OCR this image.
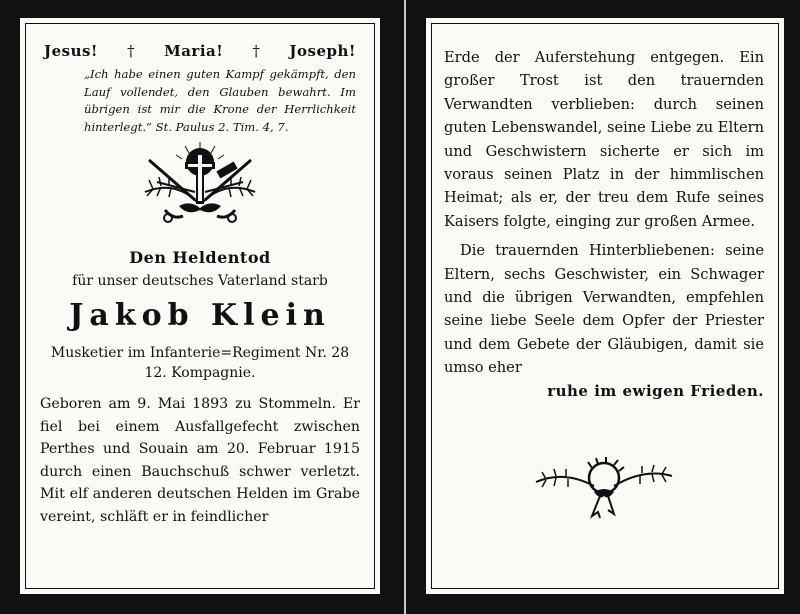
Jesus! † Maria! † Joseph!
„Ich habe einen guten Kampf gekämpft, den Lauf vollendet, den Glauben bewahrt. Im übrigen ist mir die Krone der Herrlichkeit hinterlegt.“ St. Paulus 2. Tim. 4, 7.
Den Heldentod
für unser deutsches Vaterland starb
Jakob Klein
Musketier im Infanterie=Regiment Nr. 28
12. Kompagnie.
Geboren am 9. Mai 1893 zu Stommeln. Er fiel bei einem Ausfallgefecht zwischen Perthes und Souain am 20. Februar 1915 durch einen Bauchschuß schwer verletzt. Mit elf anderen deutschen Helden im Grabe vereint, schläft er in feindlicher

Erde der Auferstehung entgegen. Ein großer Trost ist den trauernden Verwandten verblieben: durch seinen guten Lebenswandel, seine Liebe zu Eltern und Geschwistern sicherte er sich im voraus seinen Platz in der himmlischen Heimat; als er, der treu dem Rufe seines Kaisers folgte, einging zur großen Armee.

Die trauernden Hinterbliebenen: seine Eltern, sechs Geschwister, ein Schwager und die übrigen Verwandten, empfehlen seine liebe Seele dem Opfer der Priester und dem Gebete der Gläubigen, damit sie umso eher

ruhe im ewigen Frieden.
